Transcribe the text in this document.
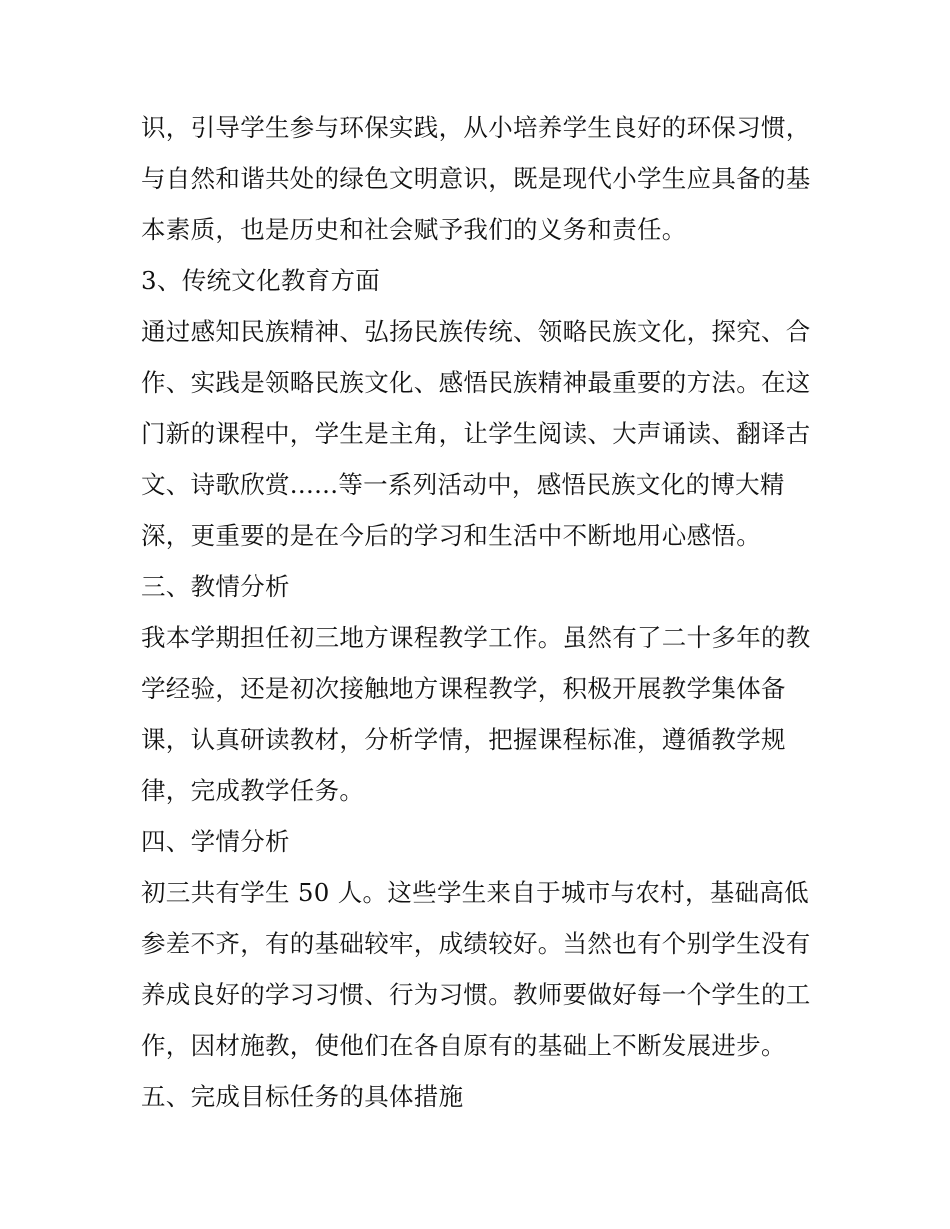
识，引导学生参与环保实践，从小培养学生良好的环保习惯，
与自然和谐共处的绿色文明意识，既是现代小学生应具备的基
本素质，也是历史和社会赋予我们的义务和责任。
3、传统文化教育方面
通过感知民族精神、弘扬民族传统、领略民族文化，探究、合
作、实践是领略民族文化、感悟民族精神最重要的方法。在这
门新的课程中，学生是主角，让学生阅读、大声诵读、翻译古
文、诗歌欣赏......等一系列活动中，感悟民族文化的博大精
深，更重要的是在今后的学习和生活中不断地用心感悟。
三、教情分析
我本学期担任初三地方课程教学工作。虽然有了二十多年的教
学经验，还是初次接触地方课程教学，积极开展教学集体备
课，认真研读教材，分析学情，把握课程标准，遵循教学规
律，完成教学任务。
四、学情分析
初三共有学生 50 人。这些学生来自于城市与农村，基础高低
参差不齐，有的基础较牢，成绩较好。当然也有个别学生没有
养成良好的学习习惯、行为习惯。教师要做好每一个学生的工
作，因材施教，使他们在各自原有的基础上不断发展进步。
五、完成目标任务的具体措施
